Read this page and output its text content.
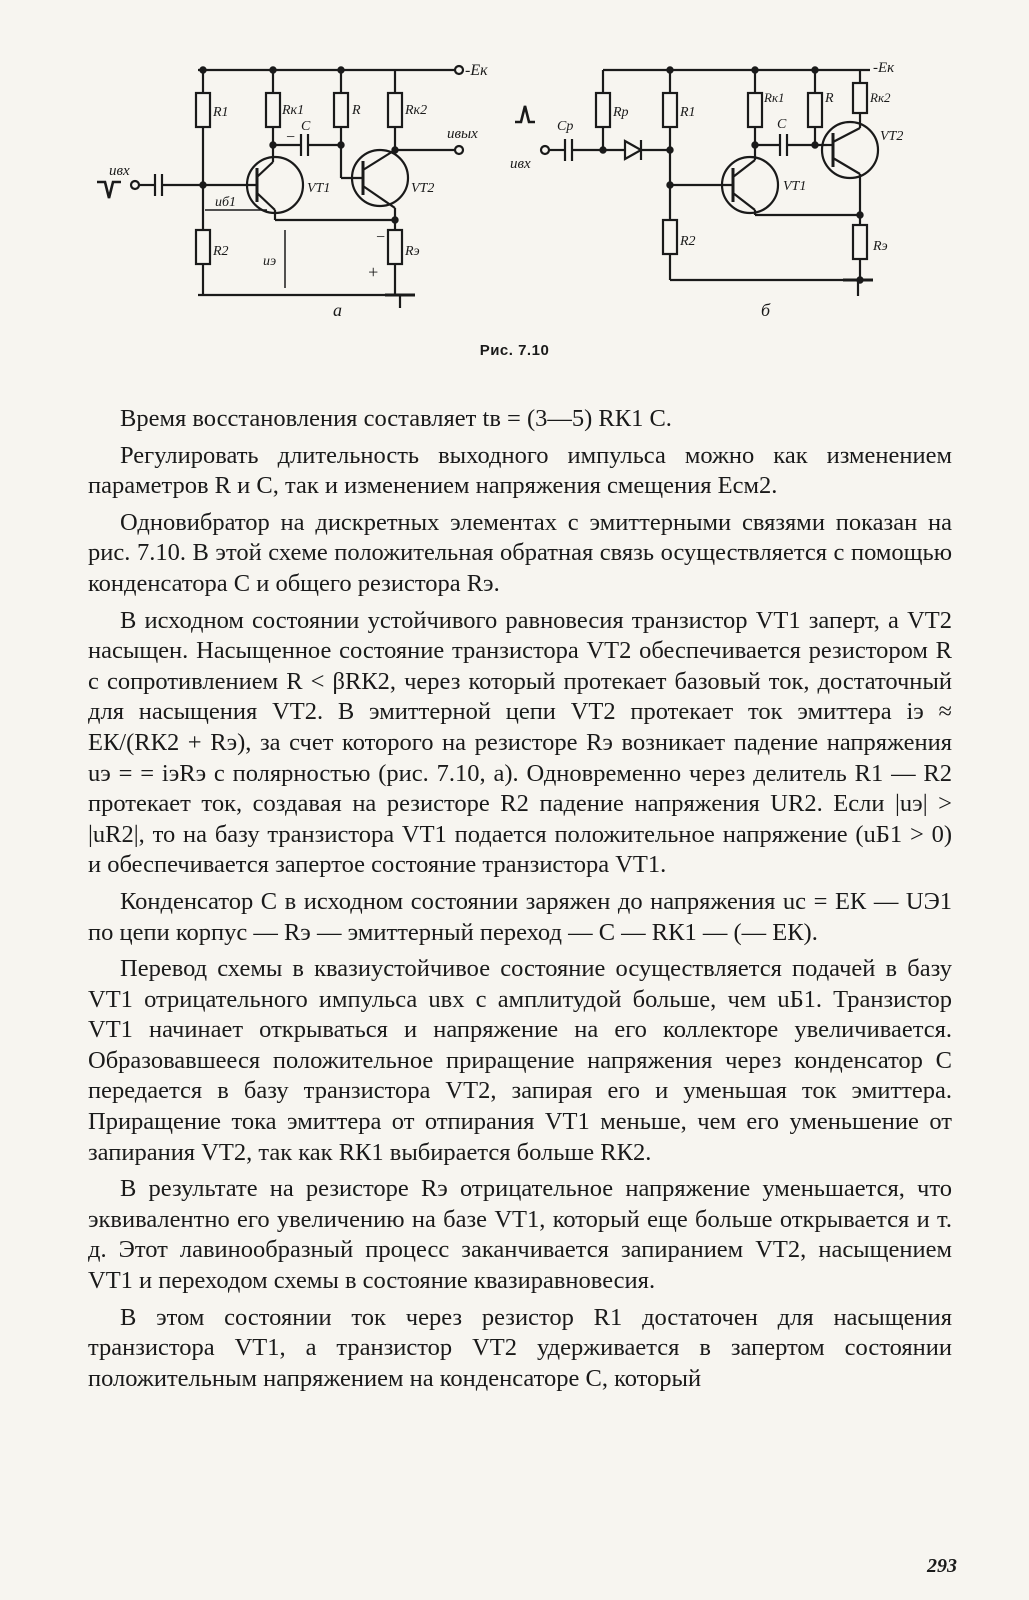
-Eк
uвх
uвых
R1
R2
Rк1	R	Rк2
Rэ
C
VT1	VT2
uб1
uэ
−
−
+
а
-Eк
uвх
Cр
Rр	R1
R2
Rк1	R	Rк2
Rэ
C
VT1
VT2
б
Рис. 7.10

Время восстановления составляет tв = (3—5) RК1 C.

Регулировать длительность выходного импульса можно как изменением параметров R и C, так и изменением напряжения смещения Eсм2.

Одновибратор на дискретных элементах с эмиттерными связями показан на рис. 7.10. В этой схеме положительная обратная связь осуществляется с помощью конденсатора C и общего резистора Rэ.

В исходном состоянии устойчивого равновесия транзистор VT1 заперт, а VT2 насыщен. Насыщенное состояние транзистора VT2 обеспечивается резистором R с сопротивлением R < βRК2, через который протекает базовый ток, достаточный для насыщения VT2. В эмиттерной цепи VT2 протекает ток эмиттера iэ ≈ EК/(RК2 + Rэ), за счет которого на резисторе Rэ возникает падение напряжения uэ = = iэRэ с полярностью (рис. 7.10, а). Одновременно через делитель R1 — R2 протекает ток, создавая на резисторе R2 падение напряжения UR2. Если |uэ| > |uR2|, то на базу транзистора VT1 подается положительное напряжение (uБ1 > 0) и обеспечивается запертое состояние транзистора VT1.

Конденсатор C в исходном состоянии заряжен до напряжения uс = EК — UЭ1 по цепи корпус — Rэ — эмиттерный переход — C — RК1 — (— EК).

Перевод схемы в квазиустойчивое состояние осуществляется подачей в базу VT1 отрицательного импульса uвх с амплитудой больше, чем uБ1. Транзистор VT1 начинает открываться и напряжение на его коллекторе увеличивается. Образовавшееся положительное приращение напряжения через конденсатор C передается в базу транзистора VT2, запирая его и уменьшая ток эмиттера. Приращение тока эмиттера от отпирания VT1 меньше, чем его уменьшение от запирания VT2, так как RК1 выбирается больше RК2.

В результате на резисторе Rэ отрицательное напряжение уменьшается, что эквивалентно его увеличению на базе VT1, который еще больше открывается и т. д. Этот лавинообразный процесс заканчивается запиранием VT2, насыщением VT1 и переходом схемы в состояние квазиравновесия.

В этом состоянии ток через резистор R1 достаточен для насыщения транзистора VT1, а транзистор VT2 удерживается в запертом состоянии положительным напряжением на конденсаторе C, который

293
